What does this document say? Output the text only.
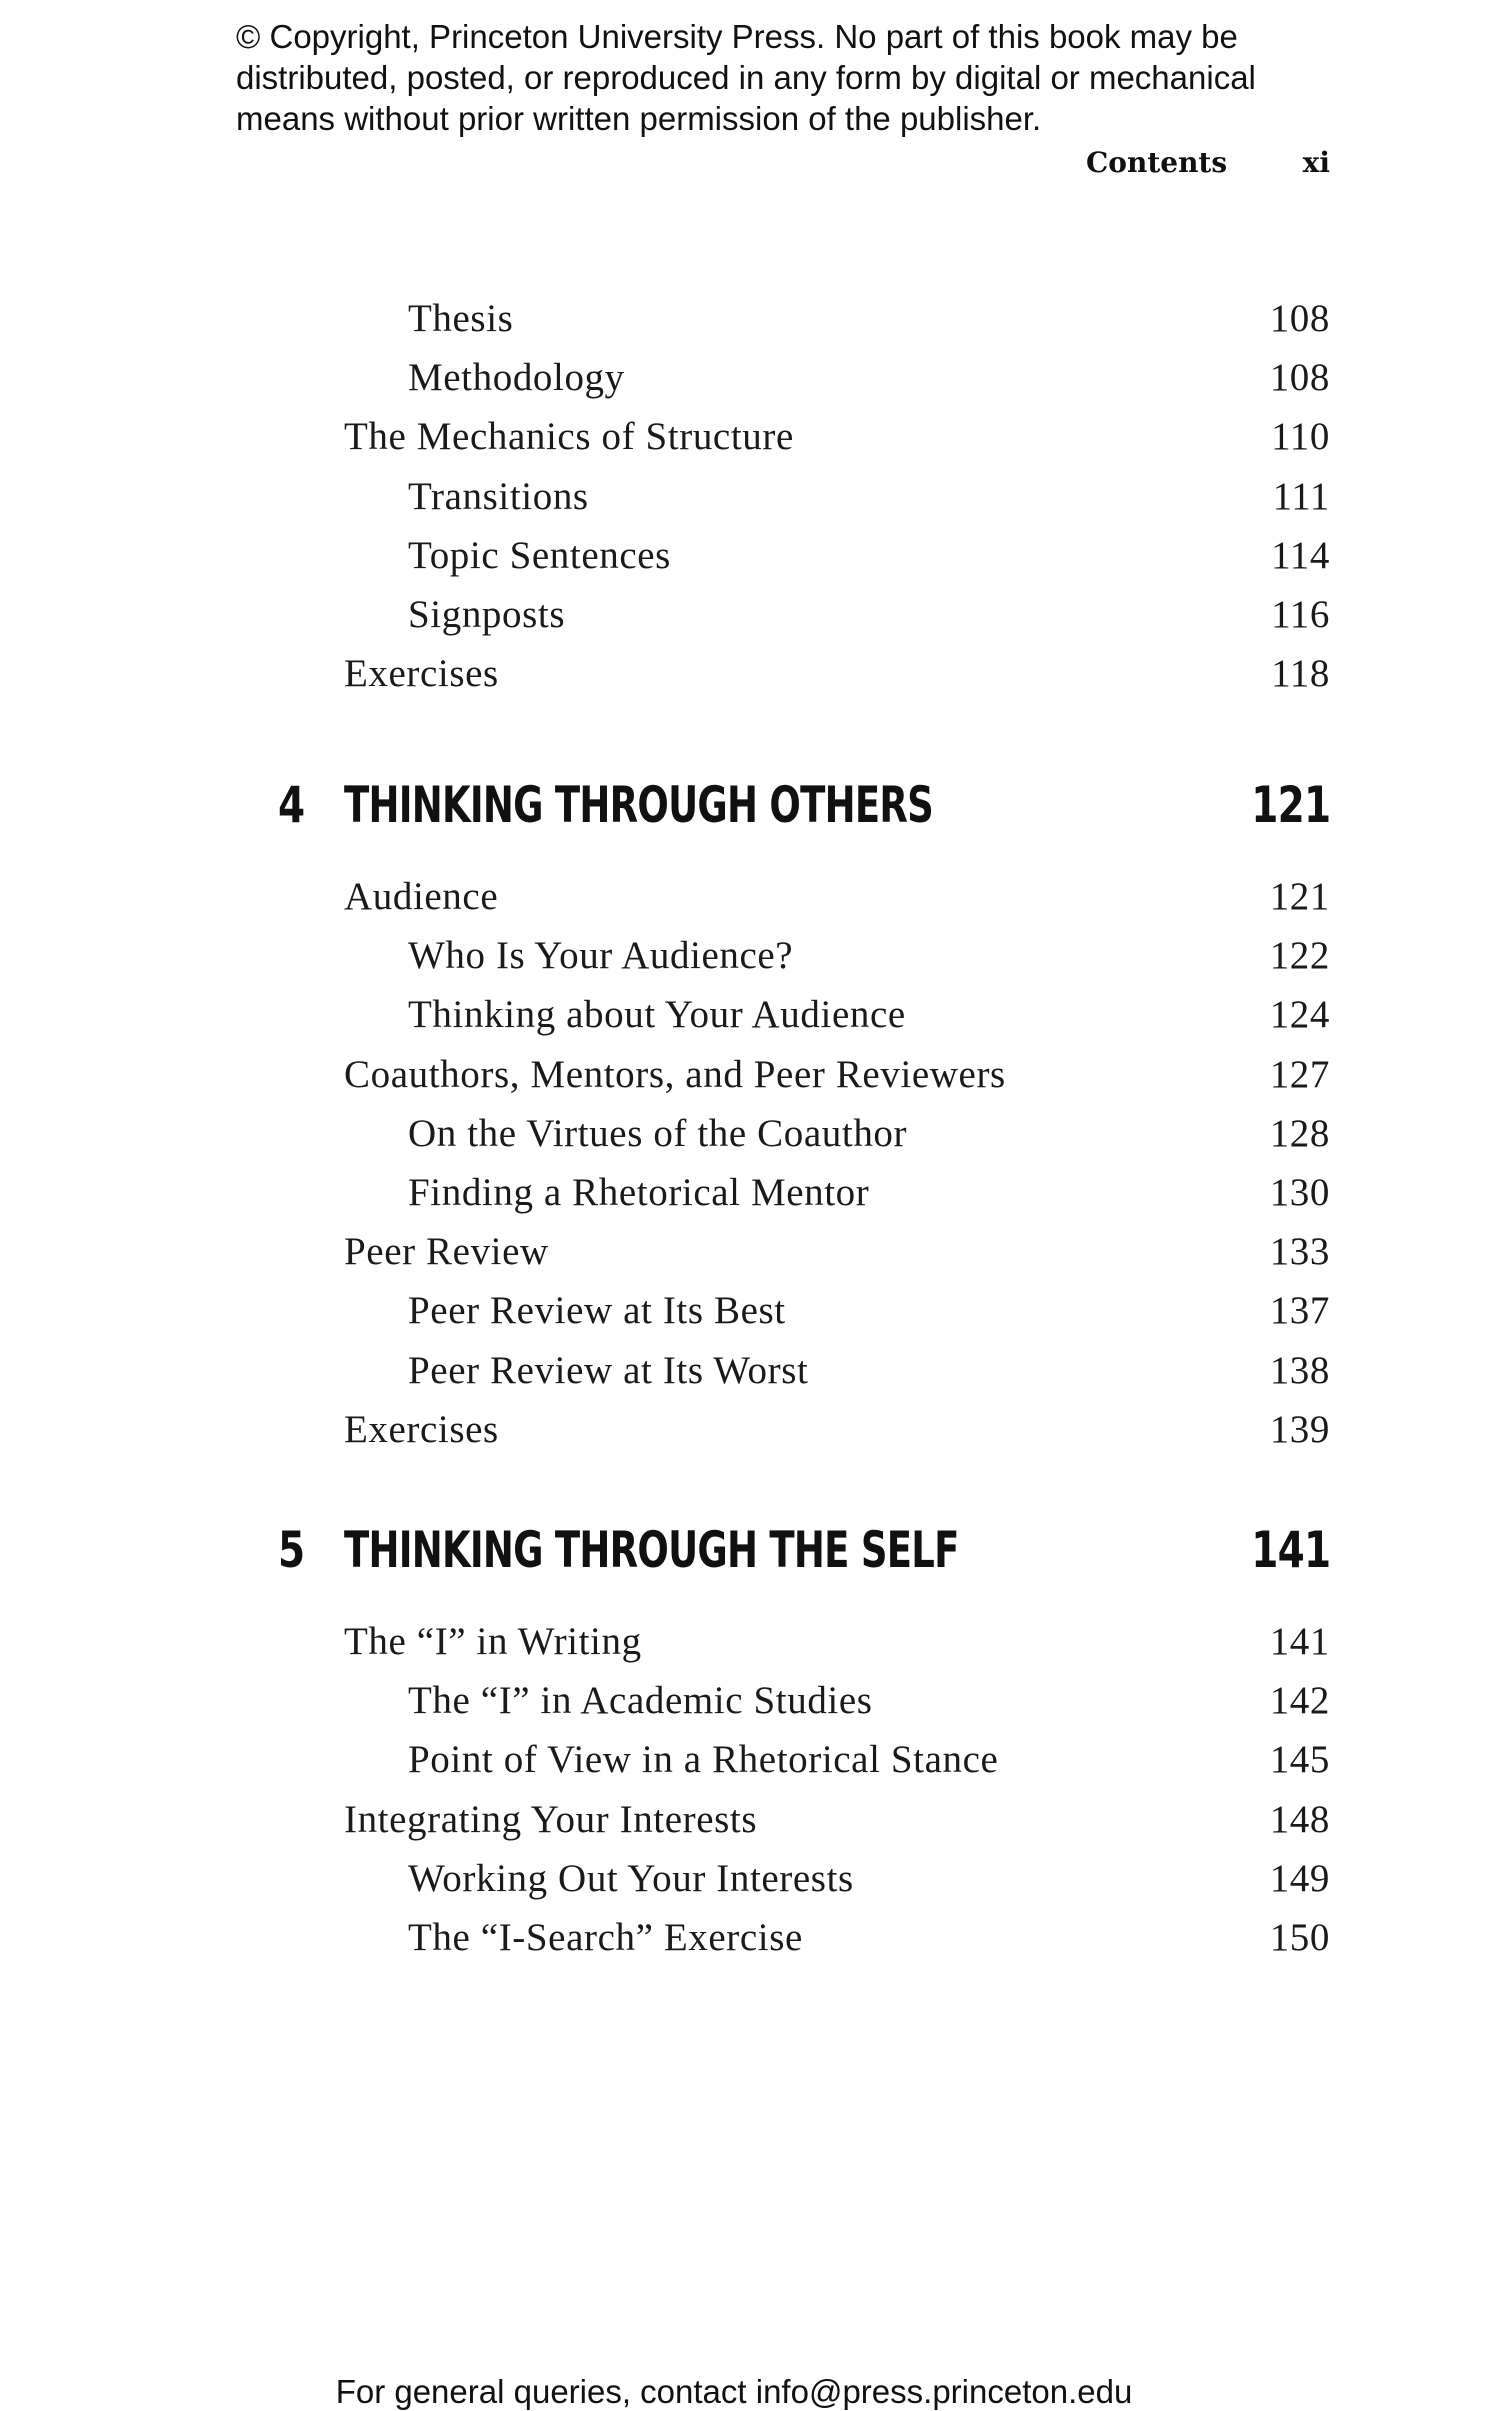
© Copyright, Princeton University Press. No part of this book may be
distributed, posted, or reproduced in any form by digital or mechanical
means without prior written permission of the publisher.
Contents	xi
Thesis	108
Methodology	108
The Mechanics of Structure	110
Transitions	111
Topic Sentences	114
Signposts	116
Exercises	118
4 THINKING THROUGH OTHERS	121
Audience	121
Who Is Your Audience?	122
Thinking about Your Audience	124
Coauthors, Mentors, and Peer Reviewers	127
On the Virtues of the Coauthor	128
Finding a Rhetorical Mentor	130
Peer Review	133
Peer Review at Its Best	137
Peer Review at Its Worst	138
Exercises	139
5 THINKING THROUGH THE SELF	141
The “I” in Writing	141
The “I” in Academic Studies	142
Point of View in a Rhetorical Stance	145
Integrating Your Interests	148
Working Out Your Interests	149
The “I-Search” Exercise	150
For general queries, contact info@press.princeton.edu
